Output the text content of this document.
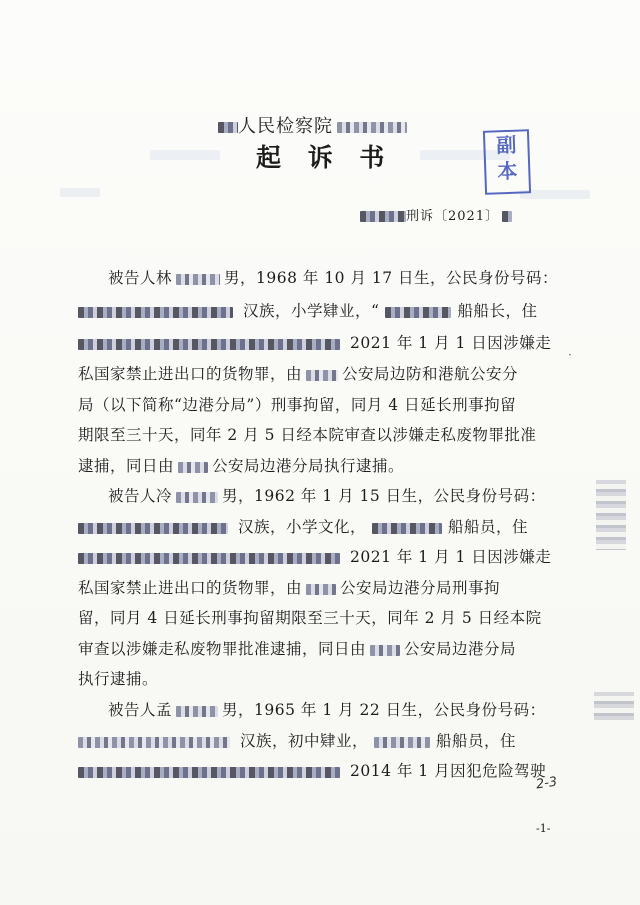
人民检察院
起 诉 书	副
本
刑诉〔2021〕
被告人林	男，1968 年 10 月 17 日生，公民身份号码：
汉族，小学肄业，“	船船长，住
2021 年 1 月 1 日因涉嫌走
私国家禁止进出口的货物罪，由	公安局边防和港航公安分
局（以下简称“边港分局”）刑事拘留，同月 4 日延长刑事拘留
期限至三十天，同年 2 月 5 日经本院审查以涉嫌走私废物罪批准
逮捕，同日由 公安局边港分局执行逮捕。
被告人冷	男，1962 年 1 月 15 日生，公民身份号码：
汉族，小学文化，	船船员，住
2021 年 1 月 1 日因涉嫌走
私国家禁止进出口的货物罪，由 公安局边港分局刑事拘
留，同月 4 日延长刑事拘留期限至三十天，同年 2 月 5 日经本院
审查以涉嫌走私废物罪批准逮捕，同日由 公安局边港分局
执行逮捕。
被告人孟	男，1965 年 1 月 22 日生，公民身份号码：
汉族，初中肄业，	船船员，住
2014 年 1 月因犯危险驾驶
·
2-3
-1-
